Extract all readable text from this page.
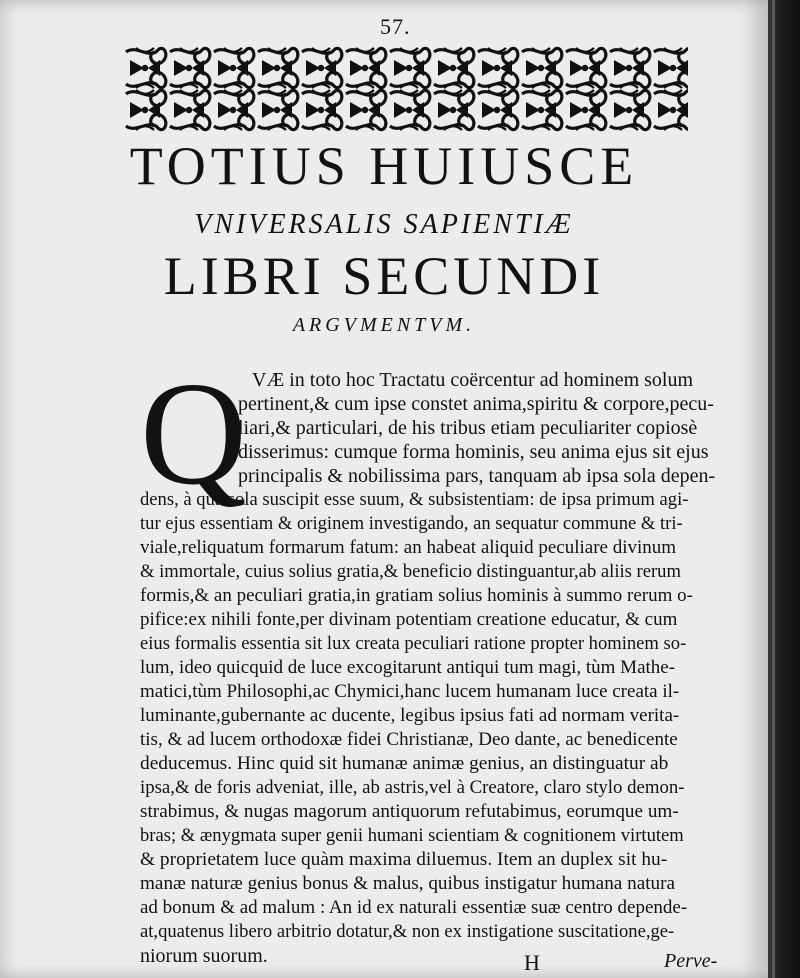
57.
TOTIUS HUIUSCE
VNIVERSALIS SAPIENTIÆ
LIBRI SECUNDI
ARGVMENTVM.
Q VÆ in toto hoc Tractatu coërcentur ad hominem solum
pertinent,& cum ipse constet anima,spiritu & corpore,pecu-
liari,& particulari, de his tribus etiam peculiariter copiosè
disserimus: cumque forma hominis, seu anima ejus sit ejus
principalis & nobilissima pars, tanquam ab ipsa sola depen-
dens, à qua sola suscipit esse suum, & subsistentiam: de ipsa primum agi-
tur ejus essentiam & originem investigando, an sequatur commune & tri-
viale,reliquatum formarum fatum: an habeat aliquid peculiare divinum
& immortale, cuius solius gratia,& beneficio distinguantur,ab aliis rerum
formis,& an peculiari gratia,in gratiam solius hominis à summo rerum o-
pifice:ex nihili fonte,per divinam potentiam creatione educatur, & cum
eius formalis essentia sit lux creata peculiari ratione propter hominem so-
lum, ideo quicquid de luce excogitarunt antiqui tum magi, tùm Mathe-
matici,tùm Philosophi,ac Chymici,hanc lucem humanam luce creata il-
luminante,gubernante ac ducente, legibus ipsius fati ad normam verita-
tis, & ad lucem orthodoxæ fidei Christianæ, Deo dante, ac benedicente
deducemus. Hinc quid sit humanæ animæ genius, an distinguatur ab
ipsa,& de foris adveniat, ille, ab astris,vel à Creatore, claro stylo demon-
strabimus, & nugas magorum antiquorum refutabimus, eorumque um-
bras; & ænygmata super genii humani scientiam & cognitionem virtutem
& proprietatem luce quàm maxima diluemus. Item an duplex sit hu-
manæ naturæ genius bonus & malus, quibus instigatur humana natura
ad bonum & ad malum : An id ex naturali essentiæ suæ centro depende-
at,quatenus libero arbitrio dotatur,& non ex instigatione suscitatione,ge-
niorum suorum.	H	Perve-
